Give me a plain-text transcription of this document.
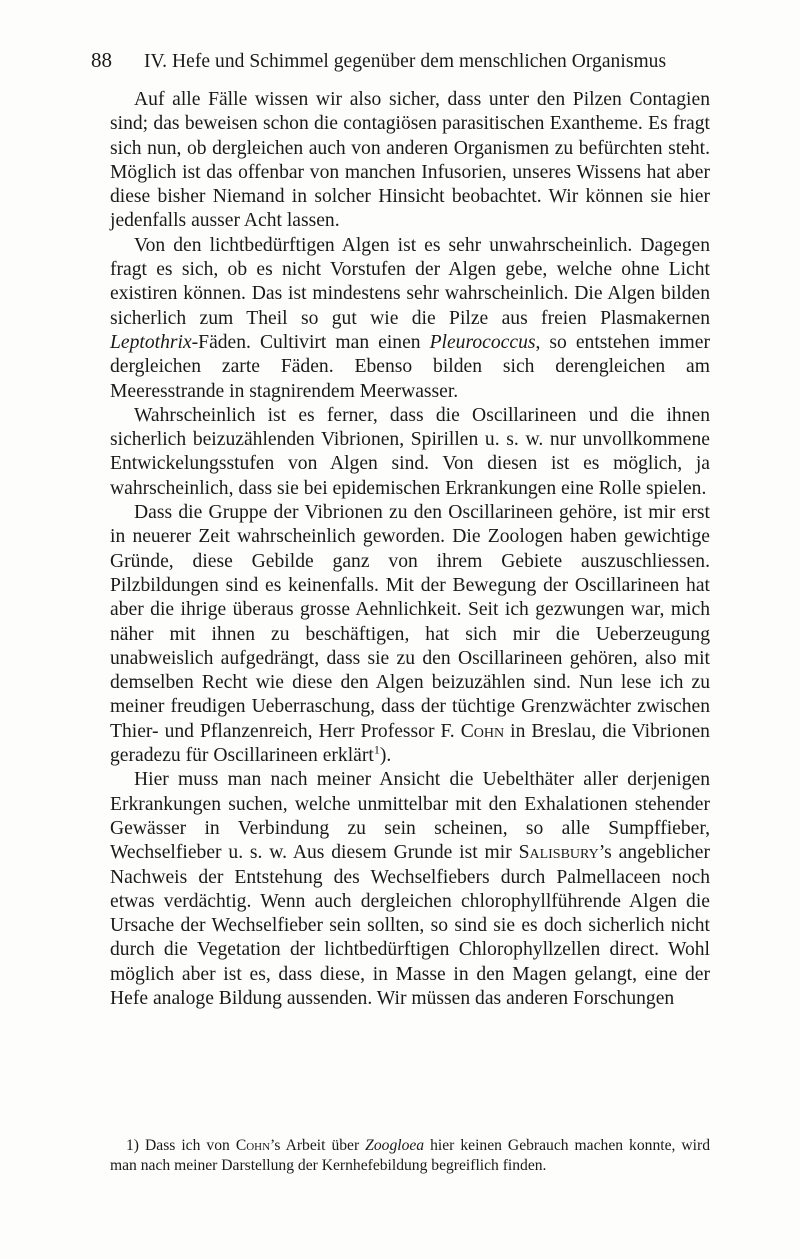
88	IV. Hefe und Schimmel gegenüber dem menschlichen Organismus

Auf alle Fälle wissen wir also sicher, dass unter den Pilzen Contagien sind; das beweisen schon die contagiösen parasitischen Exantheme. Es fragt sich nun, ob dergleichen auch von anderen Organismen zu befürchten steht. Möglich ist das offenbar von manchen Infusorien, unseres Wissens hat aber diese bisher Niemand in solcher Hinsicht beobachtet. Wir können sie hier jedenfalls ausser Acht lassen.

Von den lichtbedürftigen Algen ist es sehr unwahrscheinlich. Dagegen fragt es sich, ob es nicht Vorstufen der Algen gebe, welche ohne Licht existiren können. Das ist mindestens sehr wahrscheinlich. Die Algen bilden sicherlich zum Theil so gut wie die Pilze aus freien Plasmakernen Leptothrix-Fäden. Cultivirt man einen Pleurococcus, so entstehen immer dergleichen zarte Fäden. Ebenso bilden sich derengleichen am Meeresstrande in stagnirendem Meerwasser.

Wahrscheinlich ist es ferner, dass die Oscillarineen und die ihnen sicherlich beizuzählenden Vibrionen, Spirillen u. s. w. nur unvollkommene Entwickelungsstufen von Algen sind. Von diesen ist es möglich, ja wahrscheinlich, dass sie bei epidemischen Erkrankungen eine Rolle spielen.

Dass die Gruppe der Vibrionen zu den Oscillarineen gehöre, ist mir erst in neuerer Zeit wahrscheinlich geworden. Die Zoologen haben gewichtige Gründe, diese Gebilde ganz von ihrem Gebiete auszuschliessen. Pilzbildungen sind es keinenfalls. Mit der Bewegung der Oscillarineen hat aber die ihrige überaus grosse Aehnlichkeit. Seit ich gezwungen war, mich näher mit ihnen zu beschäftigen, hat sich mir die Ueberzeugung unabweislich aufgedrängt, dass sie zu den Oscillarineen gehören, also mit demselben Recht wie diese den Algen beizuzählen sind. Nun lese ich zu meiner freudigen Ueberraschung, dass der tüchtige Grenzwächter zwischen Thier- und Pflanzenreich, Herr Professor F. Cohn in Breslau, die Vibrionen geradezu für Oscillarineen erklärt$^1$).

Hier muss man nach meiner Ansicht die Uebelthäter aller derjenigen Erkrankungen suchen, welche unmittelbar mit den Exhalationen stehender Gewässer in Verbindung zu sein scheinen, so alle Sumpffieber, Wechselfieber u. s. w. Aus diesem Grunde ist mir Salisbury’s angeblicher Nachweis der Entstehung des Wechselfiebers durch Palmellaceen noch etwas verdächtig. Wenn auch dergleichen chlorophyllführende Algen die Ursache der Wechselfieber sein sollten, so sind sie es doch sicherlich nicht durch die Vegetation der lichtbedürftigen Chlorophyllzellen direct. Wohl möglich aber ist es, dass diese, in Masse in den Magen gelangt, eine der Hefe analoge Bildung aussenden. Wir müssen das anderen Forschungen

1) Dass ich von Cohn’s Arbeit über Zoogloea hier keinen Gebrauch machen konnte, wird man nach meiner Darstellung der Kernhefebildung begreiflich finden.
